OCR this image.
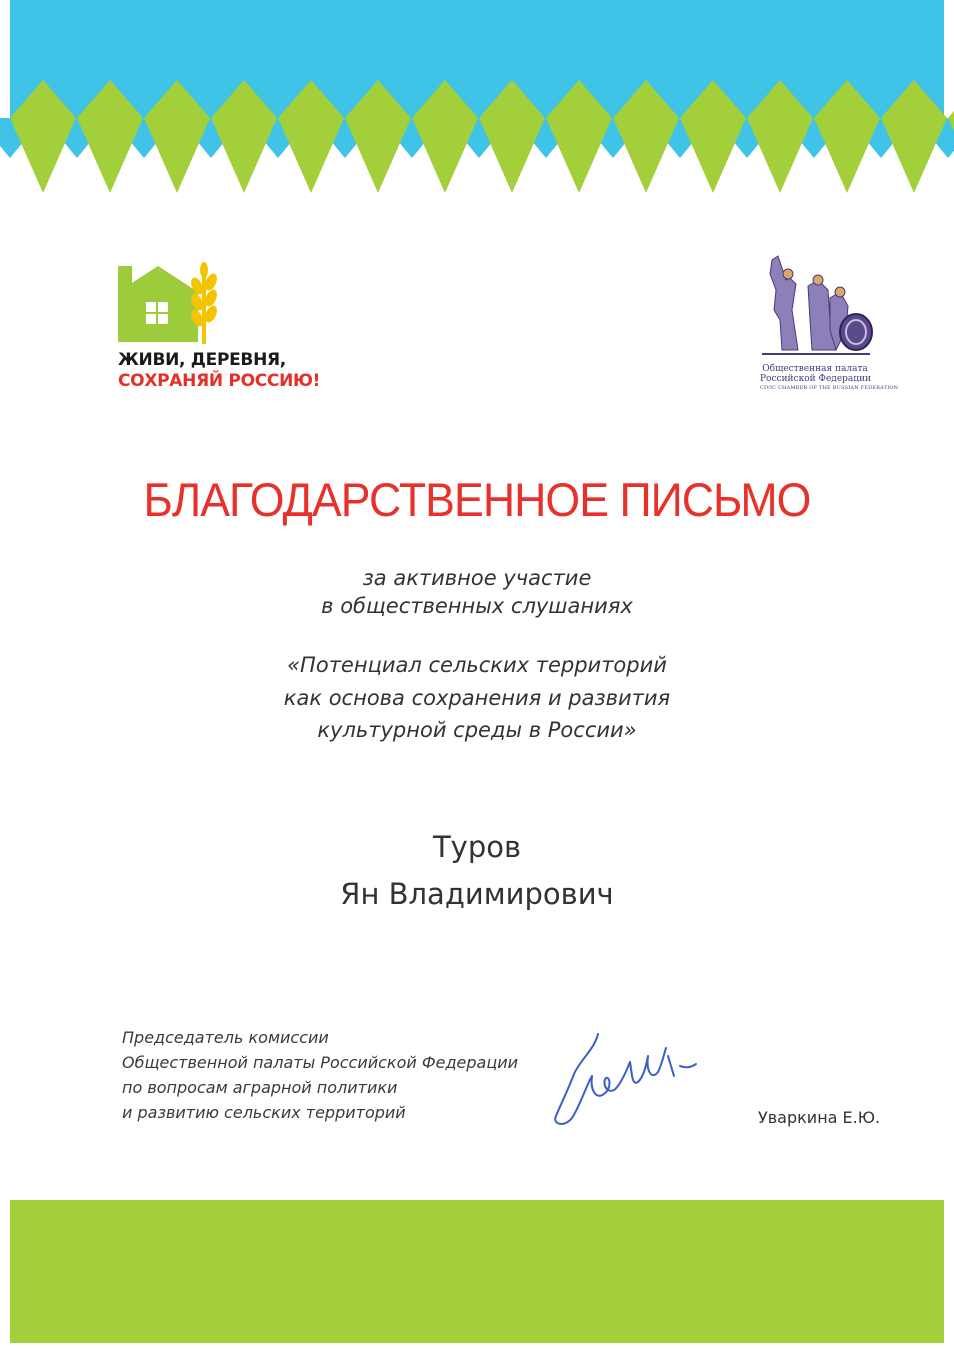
ЖИВИ, ДЕРЕВНЯ,
СОХРАНЯЙ РОССИЮ!
Общественная палата
Российской Федерации
CIVIC CHAMBER OF THE RUSSIAN FEDERATION
БЛАГОДАРСТВЕННОЕ ПИСЬМО
за активное участие
в общественных слушаниях
«Потенциал сельских территорий
как основа сохранения и развития
культурной среды в России»
Туров
Ян Владимирович
Председатель комиссии
Общественной палаты Российской Федерации
по вопросам аграрной политики
и развитию сельских территорий	Уваркина Е.Ю.
